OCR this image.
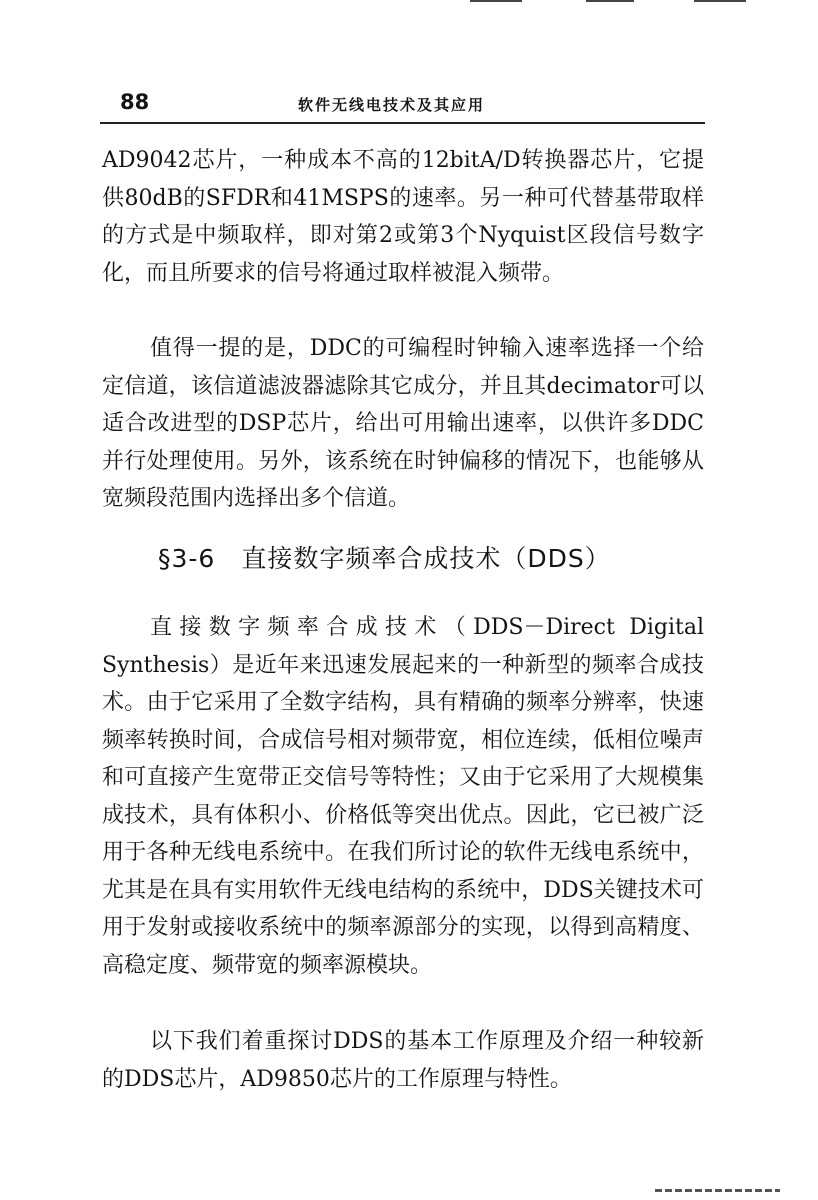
88	软件无线电技术及其应用

AD9042芯片，一种成本不高的12bitA/D转换器芯片，它提供80dB的SFDR和41MSPS的速率。另一种可代替基带取样的方式是中频取样，即对第2或第3个Nyquist区段信号数字化，而且所要求的信号将通过取样被混入频带。

值得一提的是，DDC的可编程时钟输入速率选择一个给定信道，该信道滤波器滤除其它成分，并且其decimator可以适合改进型的DSP芯片，给出可用输出速率，以供许多DDC并行处理使用。另外，该系统在时钟偏移的情况下，也能够从宽频段范围内选择出多个信道。

§3-6 直接数字频率合成技术（DDS）

直接数字频率合成技术（DDS－Direct Digital Synthesis）是近年来迅速发展起来的一种新型的频率合成技术。由于它采用了全数字结构，具有精确的频率分辨率，快速频率转换时间，合成信号相对频带宽，相位连续，低相位噪声和可直接产生宽带正交信号等特性；又由于它采用了大规模集成技术，具有体积小、价格低等突出优点。因此，它已被广泛用于各种无线电系统中。在我们所讨论的软件无线电系统中，尤其是在具有实用软件无线电结构的系统中，DDS关键技术可用于发射或接收系统中的频率源部分的实现，以得到高精度、高稳定度、频带宽的频率源模块。

以下我们着重探讨DDS的基本工作原理及介绍一种较新的DDS芯片，AD9850芯片的工作原理与特性。
